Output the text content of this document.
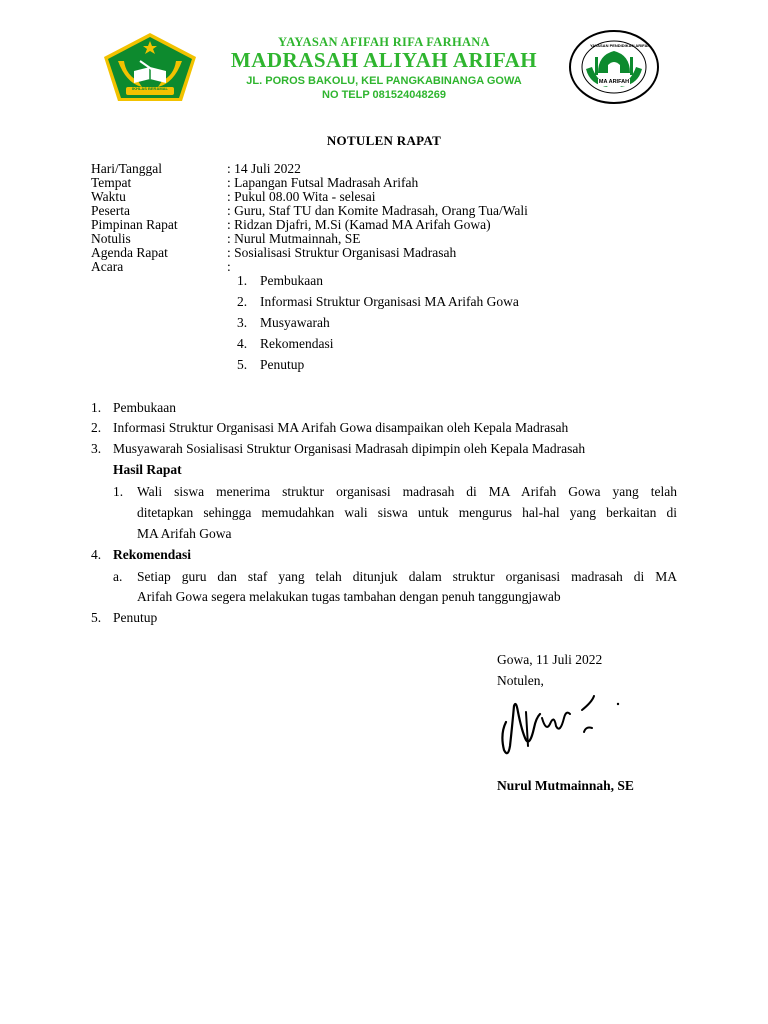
IKHLAS BERAMAL
YAYASAN AFIFAH RIFA FARHANA
MADRASAH ALIYAH ARIFAH
JL. POROS BAKOLU, KEL PANGKABINANGA GOWA
NO TELP 081524048269
YAYASAN PENDIDIKAN ARIFAH
MA ARIFAH
NOTULEN RAPAT
Hari/Tanggal	: 14 Juli 2022
Tempat	: Lapangan Futsal Madrasah Arifah
Waktu	: Pukul 08.00 Wita - selesai
Peserta	: Guru, Staf TU dan Komite Madrasah, Orang Tua/Wali
Pimpinan Rapat	: Ridzan Djafri, M.Si (Kamad MA Arifah Gowa)
Notulis	: Nurul Mutmainnah, SE
Agenda Rapat	: Sosialisasi Struktur Organisasi Madrasah
Acara	:
1. Pembukaan
2. Informasi Struktur Organisasi MA Arifah Gowa
3. Musyawarah
4. Rekomendasi
5. Penutup
1. Pembukaan
2. Informasi Struktur Organisasi MA Arifah Gowa disampaikan oleh Kepala Madrasah
3. Musyawarah Sosialisasi Struktur Organisasi Madrasah dipimpin oleh Kepala Madrasah
Hasil Rapat
1. Wali siswa menerima struktur organisasi madrasah di MA Arifah Gowa yang telah
ditetapkan sehingga memudahkan wali siswa untuk mengurus hal-hal yang berkaitan di
MA Arifah Gowa
4. Rekomendasi
a. Setiap guru dan staf yang telah ditunjuk dalam struktur organisasi madrasah di MA
Arifah Gowa segera melakukan tugas tambahan dengan penuh tanggungjawab
5. Penutup
Gowa, 11 Juli 2022
Notulen,
Nurul Mutmainnah, SE
